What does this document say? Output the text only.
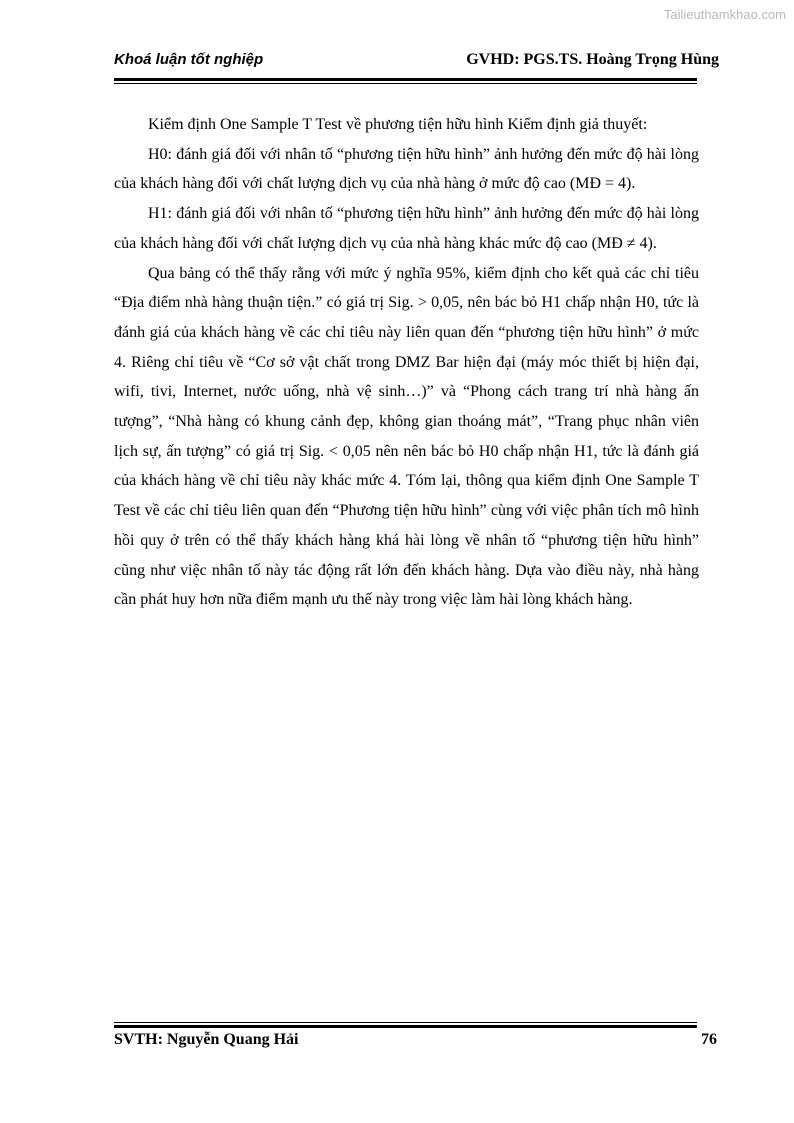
Tailieuthamkhao.com
Khoá luận tốt nghiệp	GVHD: PGS.TS. Hoàng Trọng Hùng

Kiểm định One Sample T Test về phương tiện hữu hình Kiểm định giả thuyết:

H0: đánh giá đối với nhân tố “phương tiện hữu hình” ảnh hưởng đến mức độ hài lòng của khách hàng đối với chất lượng dịch vụ của nhà hàng ở mức độ cao (MĐ = 4).

H1: đánh giá đối với nhân tố “phương tiện hữu hình” ảnh hưởng đến mức độ hài lòng của khách hàng đối với chất lượng dịch vụ của nhà hàng khác mức độ cao (MĐ ≠ 4).

Qua bảng có thể thấy rằng với mức ý nghĩa 95%, kiểm định cho kết quả các chỉ tiêu “Địa điểm nhà hàng thuận tiện.” có giá trị Sig. > 0,05, nên bác bỏ H1 chấp nhận H0, tức là đánh giá của khách hàng về các chỉ tiêu này liên quan đến “phương tiện hữu hình” ở mức 4. Riêng chỉ tiêu về “Cơ sở vật chất trong DMZ Bar hiện đại (máy móc thiết bị hiện đại, wifi, tivi, Internet, nước uống, nhà vệ sinh…)” và “Phong cách trang trí nhà hàng ấn tượng”, “Nhà hàng có khung cảnh đẹp, không gian thoáng mát”, “Trang phục nhân viên lịch sự, ấn tượng” có giá trị Sig. < 0,05 nên nên bác bỏ H0 chấp nhận H1, tức là đánh giá của khách hàng về chỉ tiêu này khác mức 4. Tóm lại, thông qua kiểm định One Sample T Test về các chỉ tiêu liên quan đến “Phương tiện hữu hình” cùng với việc phân tích mô hình hồi quy ở trên có thể thấy khách hàng khá hài lòng về nhân tố “phương tiện hữu hình” cũng như việc nhân tố này tác động rất lớn đến khách hàng. Dựa vào điều này, nhà hàng cần phát huy hơn nữa điểm mạnh ưu thế này trong việc làm hài lòng khách hàng.

SVTH: Nguyễn Quang Hải	76
